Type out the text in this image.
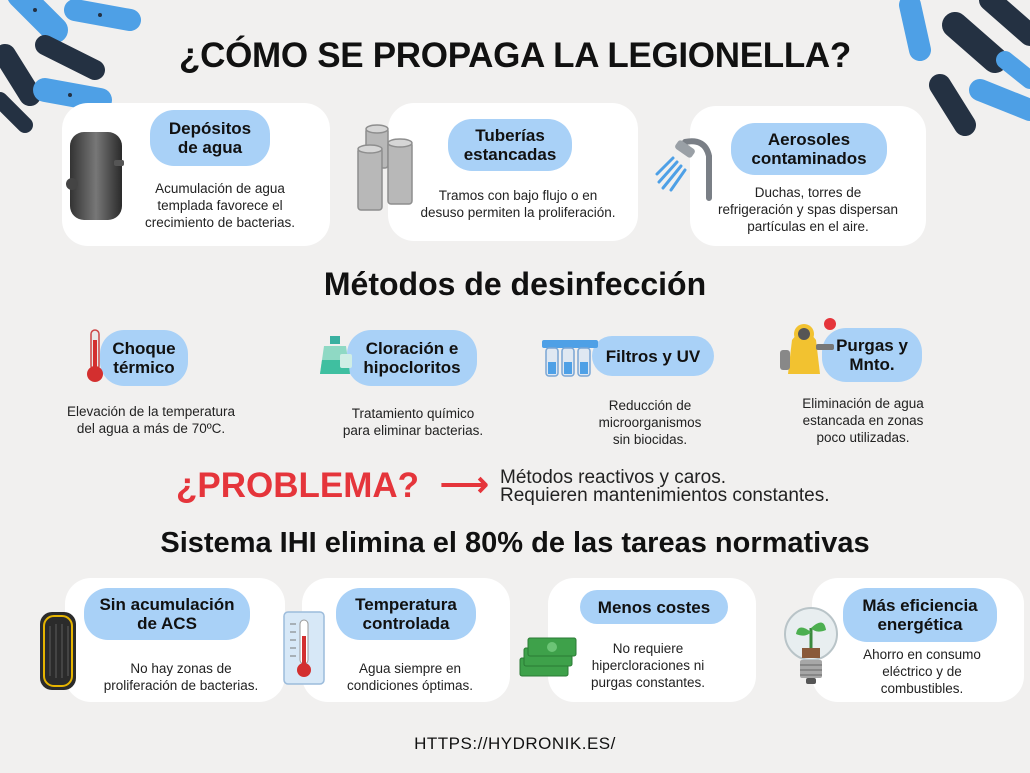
¿CÓMO SE PROPAGA LA LEGIONELLA?
Depósitos
de agua
Tuberías
estancadas
Aerosoles
contaminados
Acumulación de agua
templada favorece el
crecimiento de bacterias.
Tramos con bajo flujo o en
desuso permiten la proliferación.
Duchas, torres de
refrigeración y spas dispersan
partículas en el aire.
Métodos de desinfección
Choque
térmico
Cloración e
hipocloritos
Filtros y UV
Purgas y
Mnto.
Elevación de la temperatura
del agua a más de 70ºC.
Tratamiento químico
para eliminar bacterias.
Reducción de
microorganismos
sin biocidas.
Eliminación de agua
estancada en zonas
poco utilizadas.
¿PROBLEMA? ⟶ Métodos reactivos y caros.
Requieren mantenimientos constantes.
Sistema IHI elimina el 80% de las tareas normativas
Sin acumulación
de ACS
Temperatura
controlada
Menos costes	Más eficiencia
energética
No hay zonas de
proliferación de bacterias.
Agua siempre en
condiciones óptimas.
No requiere
hipercloraciones ni
purgas constantes.
Ahorro en consumo
eléctrico y de
combustibles.
HTTPS://HYDRONIK.ES/
